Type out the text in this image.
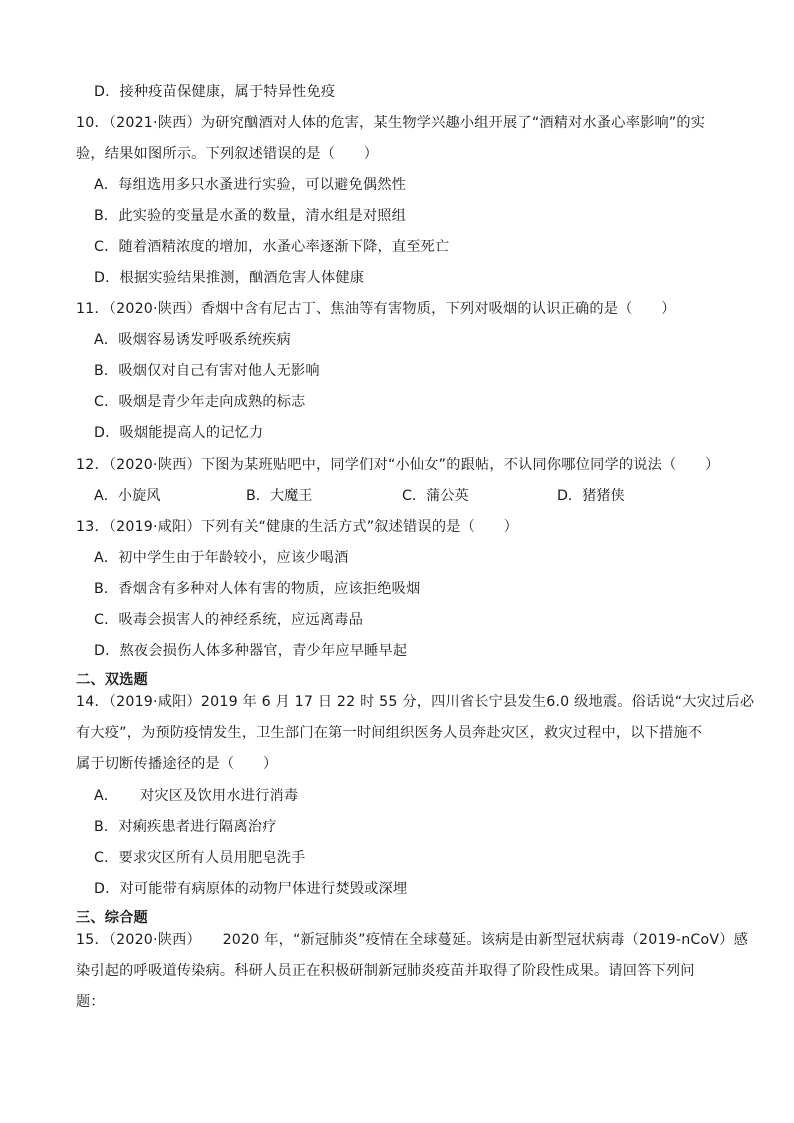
D．接种疫苗保健康，属于特异性免疫
10．（2021·陕西）为研究酗酒对人体的危害，某生物学兴趣小组开展了“酒精对水蚤心率影响”的实
验，结果如图所示。下列叙述错误的是（　　）
A．每组选用多只水蚤进行实验，可以避免偶然性
B．此实验的变量是水蚤的数量，清水组是对照组
C．随着酒精浓度的增加，水蚤心率逐渐下降，直至死亡
D．根据实验结果推测，酗酒危害人体健康
11．（2020·陕西）香烟中含有尼古丁、焦油等有害物质，下列对吸烟的认识正确的是（　　）
A．吸烟容易诱发呼吸系统疾病
B．吸烟仅对自己有害对他人无影响
C．吸烟是青少年走向成熟的标志
D．吸烟能提高人的记忆力
12．（2020·陕西）下图为某班贴吧中，同学们对“小仙女”的跟帖，不认同你哪位同学的说法（　　）
A．小旋风	B．大魔王	C．蒲公英	D．猪猪侠
13．（2019·咸阳）下列有关“健康的生活方式”叙述错误的是（　　）
A．初中学生由于年龄较小，应该少喝酒
B．香烟含有多种对人体有害的物质，应该拒绝吸烟
C．吸毒会损害人的神经系统，应远离毒品
D．熬夜会损伤人体多种器官，青少年应早睡早起
二、双选题
14．（2019·咸阳）2019 年 6 月 17 日 22 时 55 分，四川省长宁县发生6.0 级地震。俗话说“大灾过后必
有大疫”，为预防疫情发生，卫生部门在第一时间组织医务人员奔赴灾区，救灾过程中，以下措施不
属于切断传播途径的是（　　）
A．　　对灾区及饮用水进行消毒
B．对痢疾患者进行隔离治疗
C．要求灾区所有人员用肥皂洗手
D．对可能带有病原体的动物尸体进行焚毁或深埋
三、综合题
15．（2020·陕西）　　2020 年，“新冠肺炎”疫情在全球蔓延。该病是由新型冠状病毒（2019-nCoV）感
染引起的呼吸道传染病。科研人员正在积极研制新冠肺炎疫苗并取得了阶段性成果。请回答下列问
题：
